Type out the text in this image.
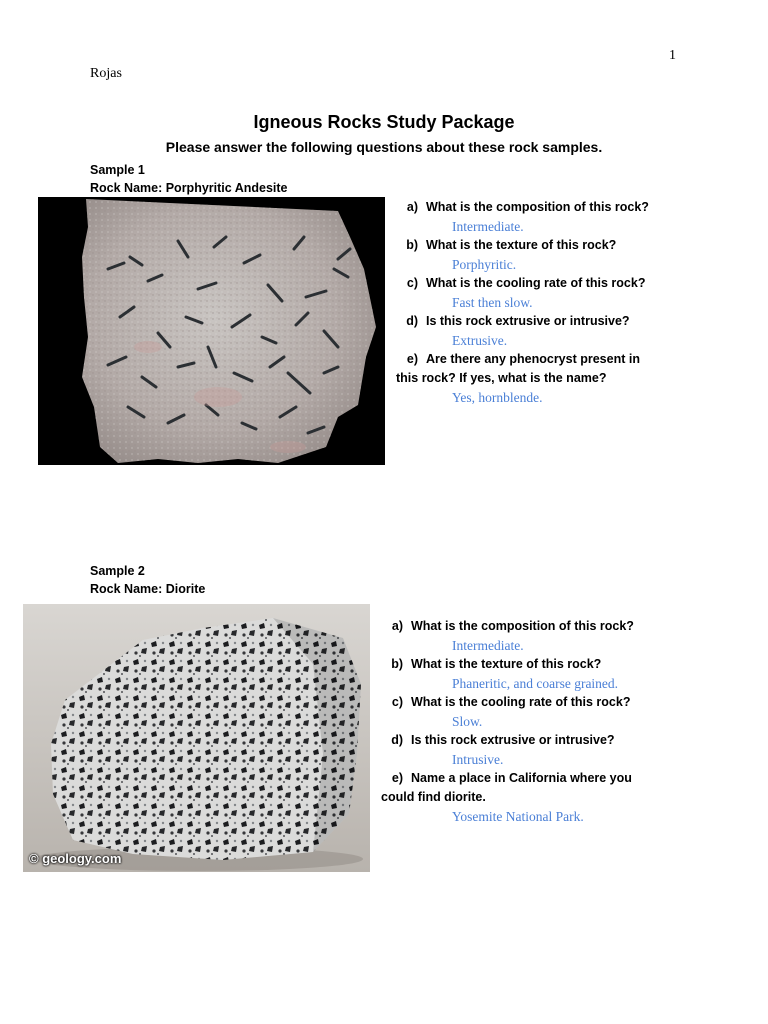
1
Rojas
Igneous Rocks Study Package
Please answer the following questions about these rock samples.
Sample 1
Rock Name: Porphyritic Andesite
a) What is the composition of this rock?
Intermediate.
b) What is the texture of this rock?
Porphyritic.
c) What is the cooling rate of this rock?
Fast then slow.
d) Is this rock extrusive or intrusive?
Extrusive.
e) Are there any phenocryst present in
this rock? If yes, what is the name?
Yes, hornblende.
Sample 2
Rock Name: Diorite
© geology.com
a) What is the composition of this rock?
Intermediate.
b) What is the texture of this rock?
Phaneritic, and coarse grained.
c) What is the cooling rate of this rock?
Slow.
d) Is this rock extrusive or intrusive?
Intrusive.
e) Name a place in California where you
could find diorite.
Yosemite National Park.
